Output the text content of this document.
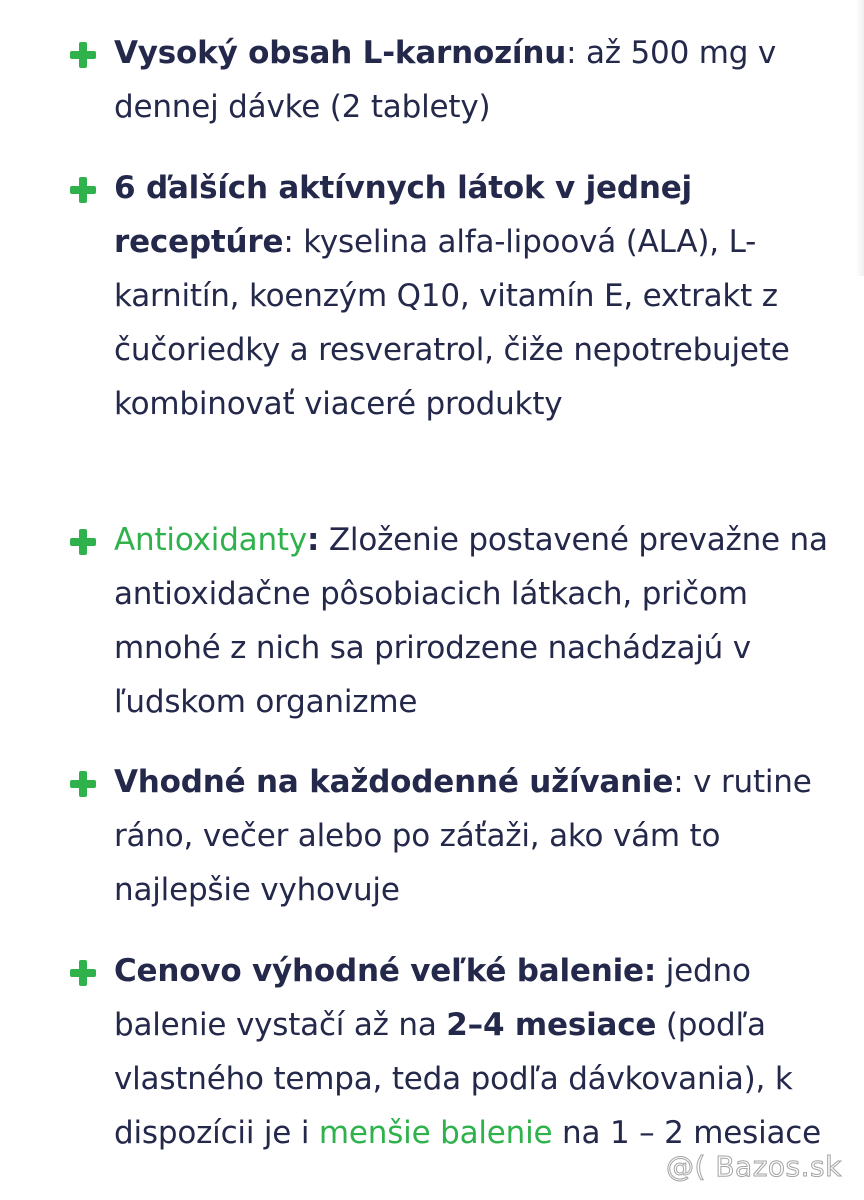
Vysoký obsah L-karnozínu: až 500 mg v dennej dávke (2 tablety)
6 ďalších aktívnych látok v jednej receptúre: kyselina alfa-lipoová (ALA), L-karnitín, koenzým Q10, vitamín E, extrakt z čučoriedky a resveratrol, čiže nepotrebujete kombinovať viaceré produkty
Antioxidanty: Zloženie postavené prevažne na antioxidačne pôsobiacich látkach, pričom mnohé z nich sa prirodzene nachádzajú v ľudskom organizme
Vhodné na každodenné užívanie: v rutine ráno, večer alebo po záťaži, ako vám to najlepšie vyhovuje
Cenovo výhodné veľké balenie: jedno balenie vystačí až na 2–4 mesiace (podľa vlastného tempa, teda podľa dávkovania), k dispozícii je i menšie balenie na 1 – 2 mesiace
@( Bazos.sk
